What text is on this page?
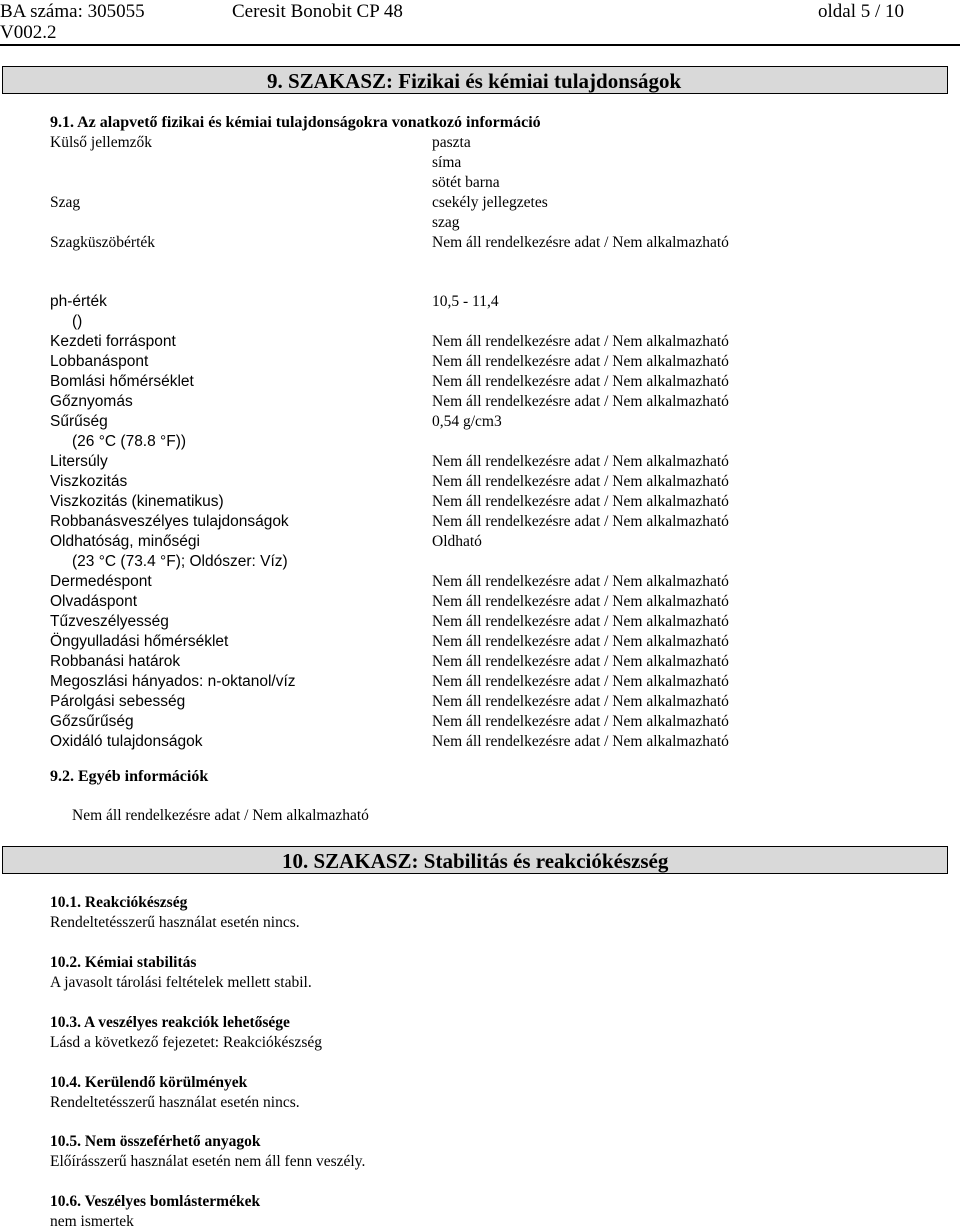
BA száma: 305055	Ceresit Bonobit CP 48	oldal 5 / 10
V002.2
9. SZAKASZ: Fizikai és kémiai tulajdonságok
9.1. Az alapvető fizikai és kémiai tulajdonságokra vonatkozó információ
Külső jellemzők	paszta
síma
sötét barna
Szag	csekély jellegzetes
szag
Szagküszöbérték	Nem áll rendelkezésre adat / Nem alkalmazható
ph-érték	10,5 - 11,4
()
Kezdeti forráspont	Nem áll rendelkezésre adat / Nem alkalmazható
Lobbanáspont	Nem áll rendelkezésre adat / Nem alkalmazható
Bomlási hőmérséklet	Nem áll rendelkezésre adat / Nem alkalmazható
Gőznyomás	Nem áll rendelkezésre adat / Nem alkalmazható
Sűrűség	0,54 g/cm3
(26 °C (78.8 °F))
Litersúly	Nem áll rendelkezésre adat / Nem alkalmazható
Viszkozitás	Nem áll rendelkezésre adat / Nem alkalmazható
Viszkozitás (kinematikus)	Nem áll rendelkezésre adat / Nem alkalmazható
Robbanásveszélyes tulajdonságok	Nem áll rendelkezésre adat / Nem alkalmazható
Oldhatóság, minőségi	Oldható
(23 °C (73.4 °F); Oldószer: Víz)
Dermedéspont	Nem áll rendelkezésre adat / Nem alkalmazható
Olvadáspont	Nem áll rendelkezésre adat / Nem alkalmazható
Tűzveszélyesség	Nem áll rendelkezésre adat / Nem alkalmazható
Öngyulladási hőmérséklet	Nem áll rendelkezésre adat / Nem alkalmazható
Robbanási határok	Nem áll rendelkezésre adat / Nem alkalmazható
Megoszlási hányados: n-oktanol/víz	Nem áll rendelkezésre adat / Nem alkalmazható
Párolgási sebesség	Nem áll rendelkezésre adat / Nem alkalmazható
Gőzsűrűség	Nem áll rendelkezésre adat / Nem alkalmazható
Oxidáló tulajdonságok	Nem áll rendelkezésre adat / Nem alkalmazható
9.2. Egyéb információk
Nem áll rendelkezésre adat / Nem alkalmazható
10. SZAKASZ: Stabilitás és reakciókészség
10.1. Reakciókészség
Rendeltetésszerű használat esetén nincs.
10.2. Kémiai stabilitás
A javasolt tárolási feltételek mellett stabil.
10.3. A veszélyes reakciók lehetősége
Lásd a következő fejezetet: Reakciókészség
10.4. Kerülendő körülmények
Rendeltetésszerű használat esetén nincs.
10.5. Nem összeférhető anyagok
Előírásszerű használat esetén nem áll fenn veszély.
10.6. Veszélyes bomlástermékek
nem ismertek
